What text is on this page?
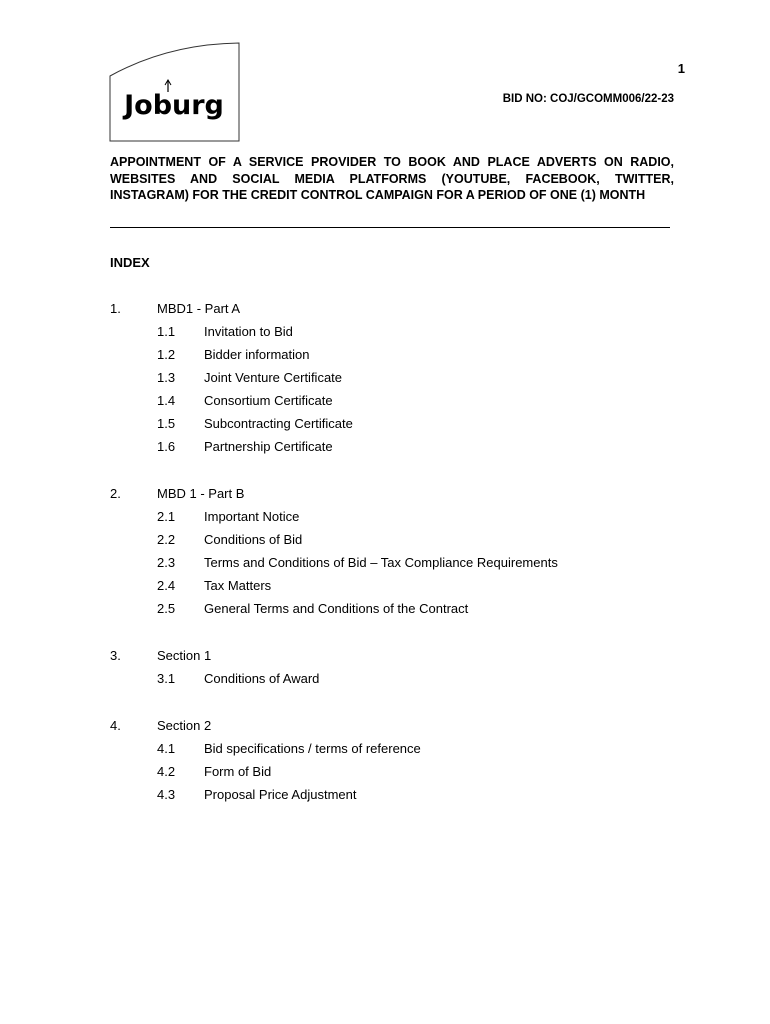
Joburg
1
BID NO: COJ/GCOMM006/22-23

APPOINTMENT OF A SERVICE PROVIDER TO BOOK AND PLACE ADVERTS ON RADIO, WEBSITES AND SOCIAL MEDIA PLATFORMS (YOUTUBE, FACEBOOK, TWITTER, INSTAGRAM) FOR THE CREDIT CONTROL CAMPAIGN FOR A PERIOD OF ONE (1) MONTH

INDEX
1.	MBD1 - Part A
1.1	Invitation to Bid
1.2	Bidder information
1.3	Joint Venture Certificate
1.4	Consortium Certificate
1.5	Subcontracting Certificate
1.6	Partnership Certificate
2.	MBD 1 - Part B
2.1	Important Notice
2.2	Conditions of Bid
2.3	Terms and Conditions of Bid – Tax Compliance Requirements
2.4	Tax Matters
2.5	General Terms and Conditions of the Contract
3.	Section 1
3.1	Conditions of Award
4.	Section 2
4.1	Bid specifications / terms of reference
4.2	Form of Bid
4.3	Proposal Price Adjustment
